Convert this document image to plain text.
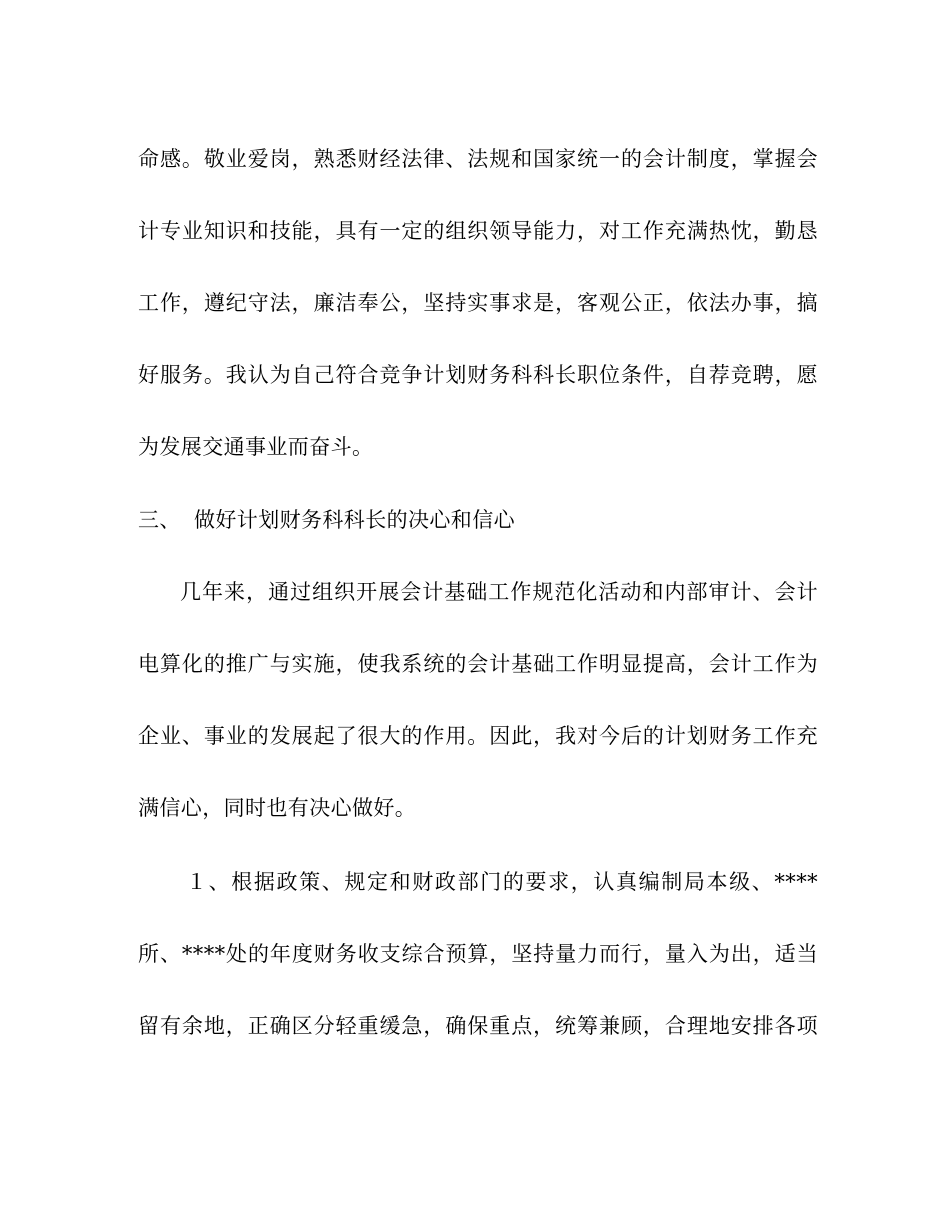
命感。敬业爱岗，熟悉财经法律、法规和国家统一的会计制度，掌握会
计专业知识和技能，具有一定的组织领导能力，对工作充满热忱，勤恳
工作，遵纪守法，廉洁奉公，坚持实事求是，客观公正，依法办事，搞
好服务。我认为自己符合竞争计划财务科科长职位条件，自荐竞聘，愿
为发展交通事业而奋斗。
三、 做好计划财务科科长的决心和信心
几年来，通过组织开展会计基础工作规范化活动和内部审计、会计
电算化的推广与实施，使我系统的会计基础工作明显提高，会计工作为
企业、事业的发展起了很大的作用。因此，我对今后的计划财务工作充
满信心，同时也有决心做好。
１、根据政策、规定和财政部门的要求，认真编制局本级、****
所、****处的年度财务收支综合预算，坚持量力而行，量入为出，适当
留有余地，正确区分轻重缓急，确保重点，统筹兼顾，合理地安排各项
